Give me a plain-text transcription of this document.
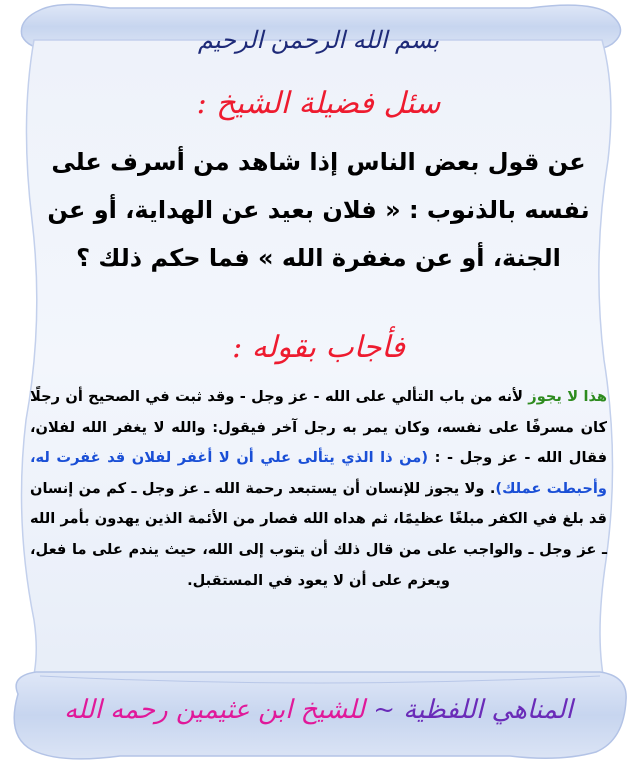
بسم الله الرحمن الرحيم
سئل فضيلة الشيخ :
عن قول بعض الناس إذا شاهد من أسرف على نفسه بالذنوب : « فلان بعيد عن الهداية، أو عن الجنة، أو عن مغفرة الله » فما حكم ذلك ؟
فأجاب بقوله :
هذا لا يجوز لأنه من باب التألي على الله - عز وجل - وقد ثبت في الصحيح أن رجلًا كان مسرفًا على نفسه، وكان يمر به رجل آخر فيقول: والله لا يغفر الله لفلان، فقال الله - عز وجل - : (من ذا الذي يتألى علي أن لا أغفر لفلان قد غفرت له، وأحبطت عملك). ولا يجوز للإنسان أن يستبعد رحمة الله ـ عز وجل ـ كم من إنسان قد بلغ في الكفر مبلغًا عظيمًا، ثم هداه الله فصار من الأئمة الذين يهدون بأمر الله ـ عز وجل ـ والواجب على من قال ذلك أن يتوب إلى الله، حيث يندم على ما فعل، ويعزم على أن لا يعود في المستقبل.
المناهي اللفظية ~ للشيخ ابن عثيمين رحمه الله
